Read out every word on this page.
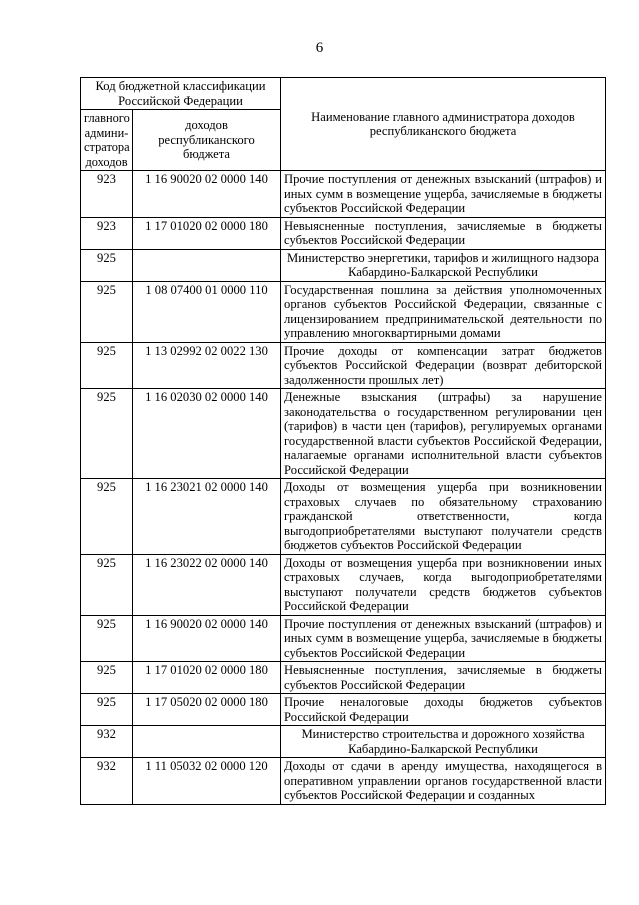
6
Код бюджетной классификации Российской Федерации		Наименование главного администратора доходов республиканского бюджета
главного админи-стратора доходов	доходов республиканского бюджета	
923	1 16 90020 02 0000 140	Прочие поступления от денежных взысканий (штрафов) и иных сумм в возмещение ущерба, зачисляемые в бюджеты субъектов Российской Федерации
923	1 17 01020 02 0000 180	Невыясненные поступления, зачисляемые в бюджеты субъектов Российской Федерации
925		Министерство энергетики, тарифов и жилищного надзора Кабардино-Балкарской Республики
925	1 08 07400 01 0000 110	Государственная пошлина за действия уполномоченных органов субъектов Российской Федерации, связанные с лицензированием предпринимательской деятельности по управлению многоквартирными домами
925	1 13 02992 02 0022 130	Прочие доходы от компенсации затрат бюджетов субъектов Российской Федерации (возврат дебиторской задолженности прошлых лет)
925	1 16 02030 02 0000 140	Денежные взыскания (штрафы) за нарушение законодательства о государственном регулировании цен (тарифов) в части цен (тарифов), регулируемых органами государственной власти субъектов Российской Федерации, налагаемые органами исполнительной власти субъектов Российской Федерации
925	1 16 23021 02 0000 140	Доходы от возмещения ущерба при возникновении страховых случаев по обязательному страхованию гражданской ответственности, когда выгодоприобретателями выступают получатели средств бюджетов субъектов Российской Федерации
925	1 16 23022 02 0000 140	Доходы от возмещения ущерба при возникновении иных страховых случаев, когда выгодоприобретателями выступают получатели средств бюджетов субъектов Российской Федерации
925	1 16 90020 02 0000 140	Прочие поступления от денежных взысканий (штрафов) и иных сумм в возмещение ущерба, зачисляемые в бюджеты субъектов Российской Федерации
925	1 17 01020 02 0000 180	Невыясненные поступления, зачисляемые в бюджеты субъектов Российской Федерации
925	1 17 05020 02 0000 180	Прочие неналоговые доходы бюджетов субъектов Российской Федерации
932		Министерство строительства и дорожного хозяйства Кабардино-Балкарской Республики
932	1 11 05032 02 0000 120	Доходы от сдачи в аренду имущества, находящегося в оперативном управлении органов государственной власти субъектов Российской Федерации и созданных
